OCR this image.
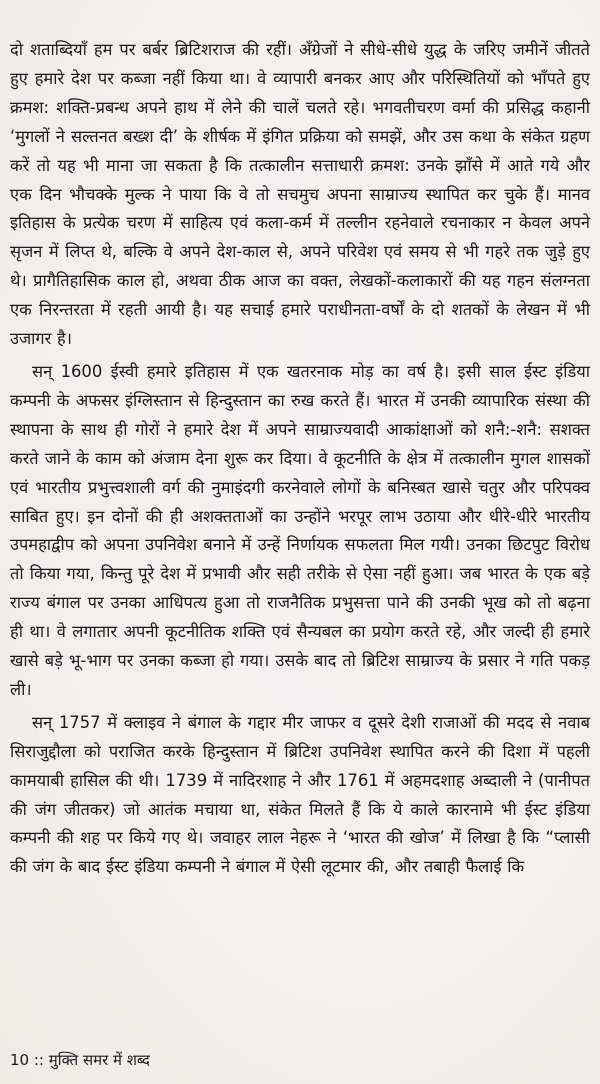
दो शताब्दियाँ हम पर बर्बर ब्रिटिशराज की रहीं। अँग्रेजों ने सीधे-सीधे युद्ध के जरिए जमीनें जीतते हुए हमारे देश पर कब्जा नहीं किया था। वे व्यापारी बनकर आए और परिस्थितियों को भाँपते हुए क्रमश: शक्ति-प्रबन्ध अपने हाथ में लेने की चालें चलते रहे। भगवतीचरण वर्मा की प्रसिद्ध कहानी ‘मुगलों ने सल्तनत बख्श दी’ के शीर्षक में इंगित प्रक्रिया को समझें, और उस कथा के संकेत ग्रहण करें तो यह भी माना जा सकता है कि तत्कालीन सत्ताधारी क्रमश: उनके झाँसे में आते गये और एक दिन भौचक्के मुल्क ने पाया कि वे तो सचमुच अपना साम्राज्य स्थापित कर चुके हैं। मानव इतिहास के प्रत्येक चरण में साहित्य एवं कला-कर्म में तल्लीन रहनेवाले रचनाकार न केवल अपने सृजन में लिप्त थे, बल्कि वे अपने देश-काल से, अपने परिवेश एवं समय से भी गहरे तक जुड़े हुए थे। प्रागैतिहासिक काल हो, अथवा ठीक आज का वक्त, लेखकों-कलाकारों की यह गहन संलग्नता एक निरन्तरता में रहती आयी है। यह सचाई हमारे पराधीनता-वर्षों के दो शतकों के लेखन में भी उजागर है।

सन् 1600 ईस्वी हमारे इतिहास में एक खतरनाक मोड़ का वर्ष है। इसी साल ईस्ट इंडिया कम्पनी के अफसर इंग्लिस्तान से हिन्दुस्तान का रुख करते हैं। भारत में उनकी व्यापारिक संस्था की स्थापना के साथ ही गोरों ने हमारे देश में अपने साम्राज्यवादी आकांक्षाओं को शनै:-शनै: सशक्त करते जाने के काम को अंजाम देना शुरू कर दिया। वे कूटनीति के क्षेत्र में तत्कालीन मुगल शासकों एवं भारतीय प्रभुत्त्वशाली वर्ग की नुमाइंदगी करनेवाले लोगों के बनिस्बत खासे चतुर और परिपक्व साबित हुए। इन दोनों की ही अशक्तताओं का उन्होंने भरपूर लाभ उठाया और धीरे-धीरे भारतीय उपमहाद्वीप को अपना उपनिवेश बनाने में उन्हें निर्णायक सफलता मिल गयी। उनका छिटपुट विरोध तो किया गया, किन्तु पूरे देश में प्रभावी और सही तरीके से ऐसा नहीं हुआ। जब भारत के एक बड़े राज्य बंगाल पर उनका आधिपत्य हुआ तो राजनैतिक प्रभुसत्ता पाने की उनकी भूख को तो बढ़ना ही था। वे लगातार अपनी कूटनीतिक शक्ति एवं सैन्यबल का प्रयोग करते रहे, और जल्दी ही हमारे खासे बड़े भू-भाग पर उनका कब्जा हो गया। उसके बाद तो ब्रिटिश साम्राज्य के प्रसार ने गति पकड़ ली।

सन् 1757 में क्लाइव ने बंगाल के गद्दार मीर जाफर व दूसरे देशी राजाओं की मदद से नवाब सिराजुद्दौला को पराजित करके हिन्दुस्तान में ब्रिटिश उपनिवेश स्थापित करने की दिशा में पहली कामयाबी हासिल की थी। 1739 में नादिरशाह ने और 1761 में अहमदशाह अब्दाली ने (पानीपत की जंग जीतकर) जो आतंक मचाया था, संकेत मिलते हैं कि ये काले कारनामे भी ईस्ट इंडिया कम्पनी की शह पर किये गए थे। जवाहर लाल नेहरू ने ‘भारत की खोज’ में लिखा है कि “प्लासी की जंग के बाद ईस्ट इंडिया कम्पनी ने बंगाल में ऐसी लूटमार की, और तबाही फैलाई कि

10 :: मुक्ति समर में शब्द
